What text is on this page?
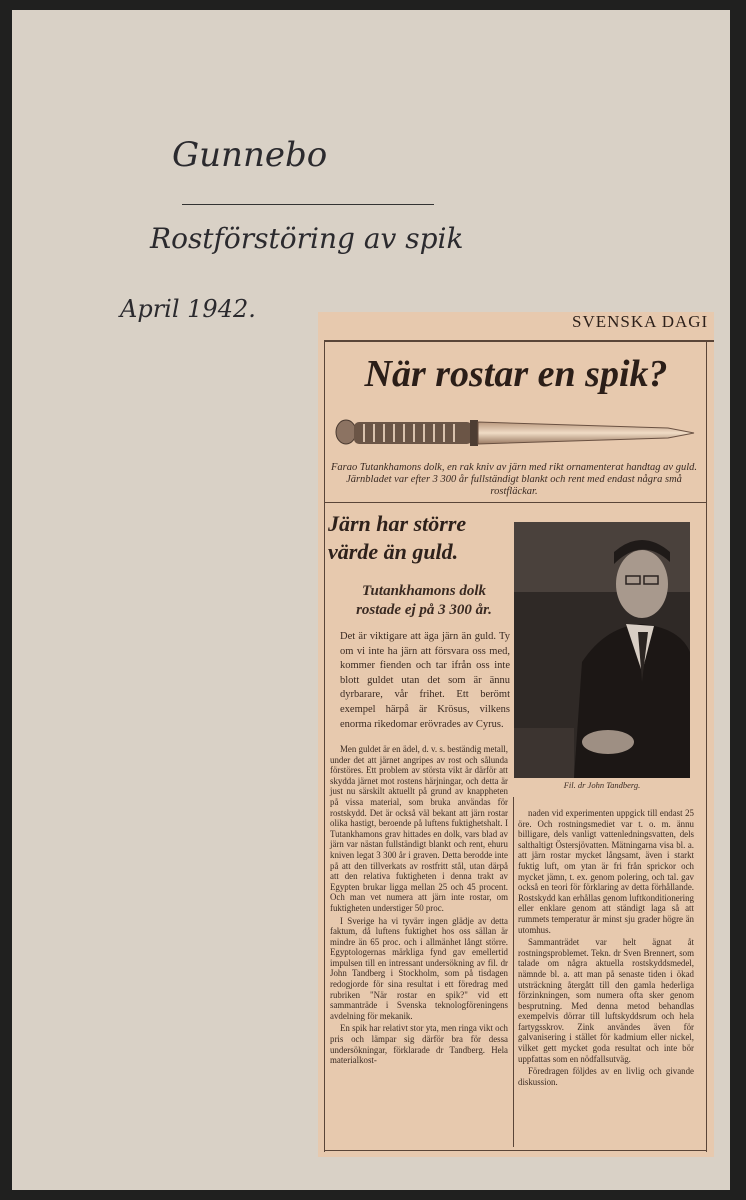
Gunnebo

Rostförstöring av spik

April 1942.	SVENSKA DAGI

När rostar en spik?

Farao Tutankhamons dolk, en rak kniv av järn med rikt ornamenterat handtag av guld. Järnbladet var efter 3 300 år fullständigt blankt och rent med endast några små rostfläckar.

Järn har större värde än guld.
Tutankhamons dolk rostade ej på 3 300 år.

Det är viktigare att äga järn än guld. Ty om vi inte ha järn att försvara oss med, kommer fienden och tar ifrån oss inte blott guldet utan det som är ännu dyrbarare, vår frihet. Ett berömt exempel härpå är Krösus, vilkens enorma rikedomar erövrades av Cyrus.

Fil. dr John Tandberg.

Men guldet är en ädel, d. v. s. beständig metall, under det att järnet angripes av rost och sålunda förstöres. Ett problem av största vikt är därför att skydda järnet mot rostens härjningar, och detta är just nu särskilt aktuellt på grund av knappheten på vissa material, som bruka användas för rostskydd. Det är också väl bekant att järn rostar olika hastigt, beroende på luftens fuktighetshalt. I Tutankhamons grav hittades en dolk, vars blad av järn var nästan fullständigt blankt och rent, ehuru kniven legat 3 300 år i graven. Detta berodde inte på att den tillverkats av rostfritt stål, utan därpå att den relativa fuktigheten i denna trakt av Egypten brukar ligga mellan 25 och 45 procent. Och man vet numera att järn inte rostar, om fuktigheten understiger 50 proc.

I Sverige ha vi tyvärr ingen glädje av detta faktum, då luftens fuktighet hos oss sällan är mindre än 65 proc. och i allmänhet långt större. Egyptologernas märkliga fynd gav emellertid impulsen till en intressant undersökning av fil. dr John Tandberg i Stockholm, som på tisdagen redogjorde för sina resultat i ett föredrag med rubriken "När rostar en spik?" vid ett sammanträde i Svenska teknologföreningens avdelning för mekanik.

En spik har relativt stor yta, men ringa vikt och pris och lämpar sig därför bra för dessa undersökningar, förklarade dr Tandberg. Hela materialkost-

naden vid experimenten uppgick till endast 25 öre. Och rostningsmediet var t. o. m. ännu billigare, dels vanligt vattenledningsvatten, dels salthaltigt Östersjövatten. Mätningarna visa bl. a. att järn rostar mycket långsamt, även i starkt fuktig luft, om ytan är fri från sprickor och mycket jämn, t. ex. genom polering, och tal. gav också en teori för förklaring av detta förhållande. Rostskydd kan erhållas genom luftkonditionering eller enklare genom att ständigt laga så att rummets temperatur är minst sju grader högre än utomhus.

Sammanträdet var helt ägnat åt rostningsproblemet. Tekn. dr Sven Brennert, som talade om några aktuella rostskyddsmedel, nämnde bl. a. att man på senaste tiden i ökad utsträckning återgått till den gamla hederliga förzinkningen, som numera ofta sker genom besprutning. Med denna metod behandlas exempelvis dörrar till luftskyddsrum och hela fartygsskrov. Zink användes även för galvanisering i stället för kadmium eller nickel, vilket gett mycket goda resultat och inte bör uppfattas som en nödfallsutväg.

Föredragen följdes av en livlig och givande diskussion.
